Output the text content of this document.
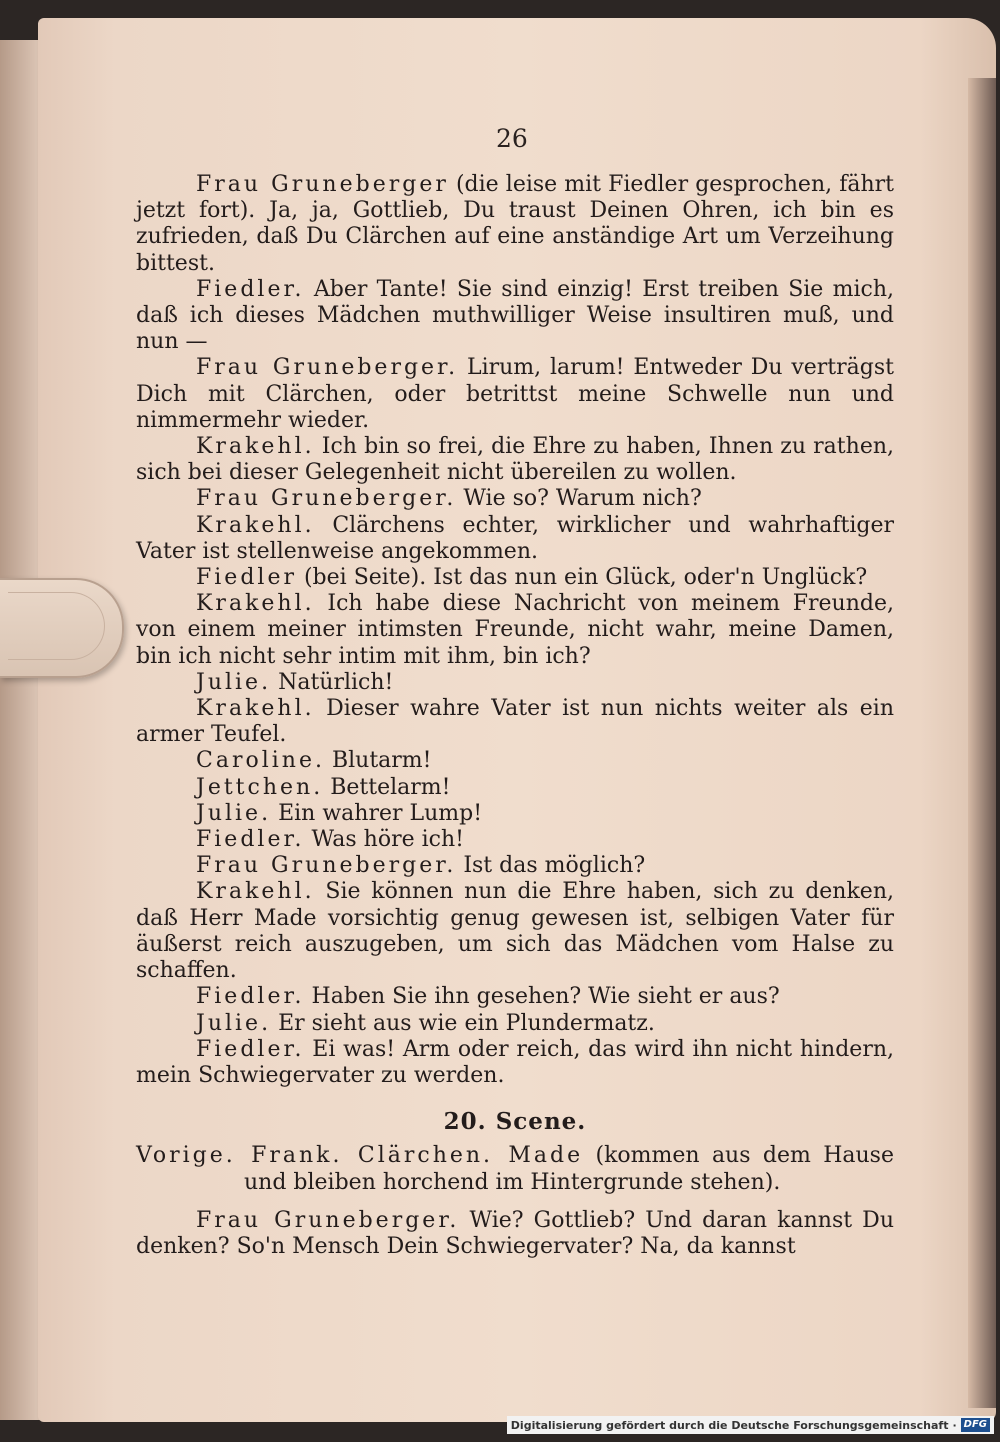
26

Frau Gruneberger (die leise mit Fiedler gesprochen, fährt jetzt fort). Ja, ja, Gottlieb, Du traust Deinen Ohren, ich bin es zufrieden, daß Du Clärchen auf eine anständige Art um Verzeihung bittest.

Fiedler. Aber Tante! Sie sind einzig! Erst treiben Sie mich, daß ich dieses Mädchen muthwilliger Weise insultiren muß, und nun —

Frau Gruneberger. Lirum, larum! Entweder Du verträgst Dich mit Clärchen, oder betrittst meine Schwelle nun und nimmermehr wieder.

Krakehl. Ich bin so frei, die Ehre zu haben, Ihnen zu rathen, sich bei dieser Gelegenheit nicht übereilen zu wollen.

Frau Gruneberger. Wie so? Warum nich?

Krakehl. Clärchens echter, wirklicher und wahrhaftiger Vater ist stellenweise angekommen.

Fiedler (bei Seite). Ist das nun ein Glück, oder'n Unglück?

Krakehl. Ich habe diese Nachricht von meinem Freunde, von einem meiner intimsten Freunde, nicht wahr, meine Damen, bin ich nicht sehr intim mit ihm, bin ich?

Julie. Natürlich!

Krakehl. Dieser wahre Vater ist nun nichts weiter als ein armer Teufel.

Caroline. Blutarm!

Jettchen. Bettelarm!

Julie. Ein wahrer Lump!

Fiedler. Was höre ich!

Frau Gruneberger. Ist das möglich?

Krakehl. Sie können nun die Ehre haben, sich zu denken, daß Herr Made vorsichtig genug gewesen ist, selbigen Vater für äußerst reich auszugeben, um sich das Mädchen vom Halse zu schaffen.

Fiedler. Haben Sie ihn gesehen? Wie sieht er aus?

Julie. Er sieht aus wie ein Plundermatz.

Fiedler. Ei was! Arm oder reich, das wird ihn nicht hindern, mein Schwiegervater zu werden.

20. Scene.

Vorige. Frank. Clärchen. Made (kommen aus dem Hause und bleiben horchend im Hintergrunde stehen).

Frau Gruneberger. Wie? Gottlieb? Und daran kannst Du denken? So'n Mensch Dein Schwiegervater? Na, da kannst

Digitalisierung gefördert durch die Deutsche Forschungsgemeinschaft · DFG
